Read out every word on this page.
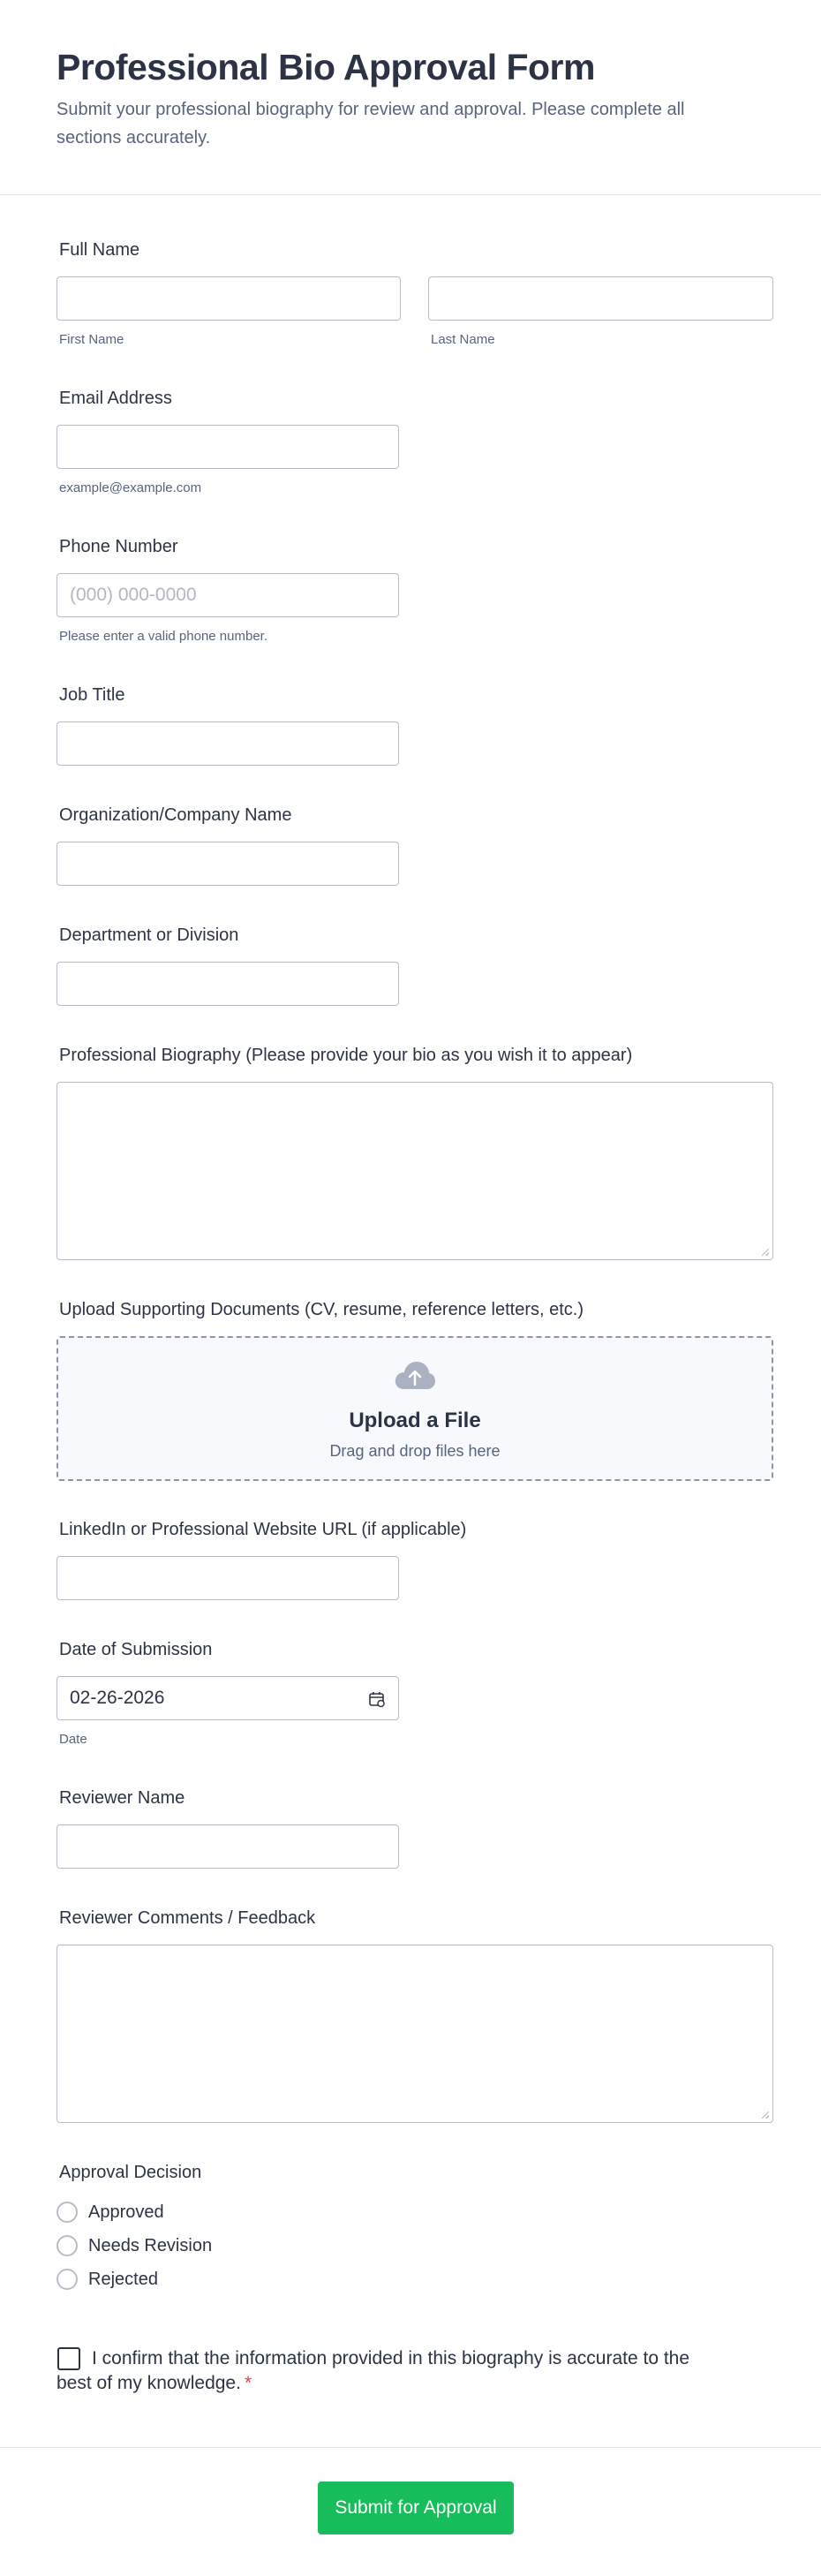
Professional Bio Approval Form

Submit your professional biography for review and approval. Please complete all sections accurately.

Full Name
First Name	Last Name
Email Address
example@example.com
Phone Number
(000) 000-0000
Please enter a valid phone number.
Job Title
Organization/Company Name
Department or Division
Professional Biography (Please provide your bio as you wish it to appear)
Upload Supporting Documents (CV, resume, reference letters, etc.)
Upload a File
Drag and drop files here
LinkedIn or Professional Website URL (if applicable)
Date of Submission
02-26-2026
Date
Reviewer Name
Reviewer Comments / Feedback
Approval Decision
Approved
Needs Revision
Rejected
I confirm that the information provided in this biography is accurate to the best of my knowledge. *
Submit for Approval
